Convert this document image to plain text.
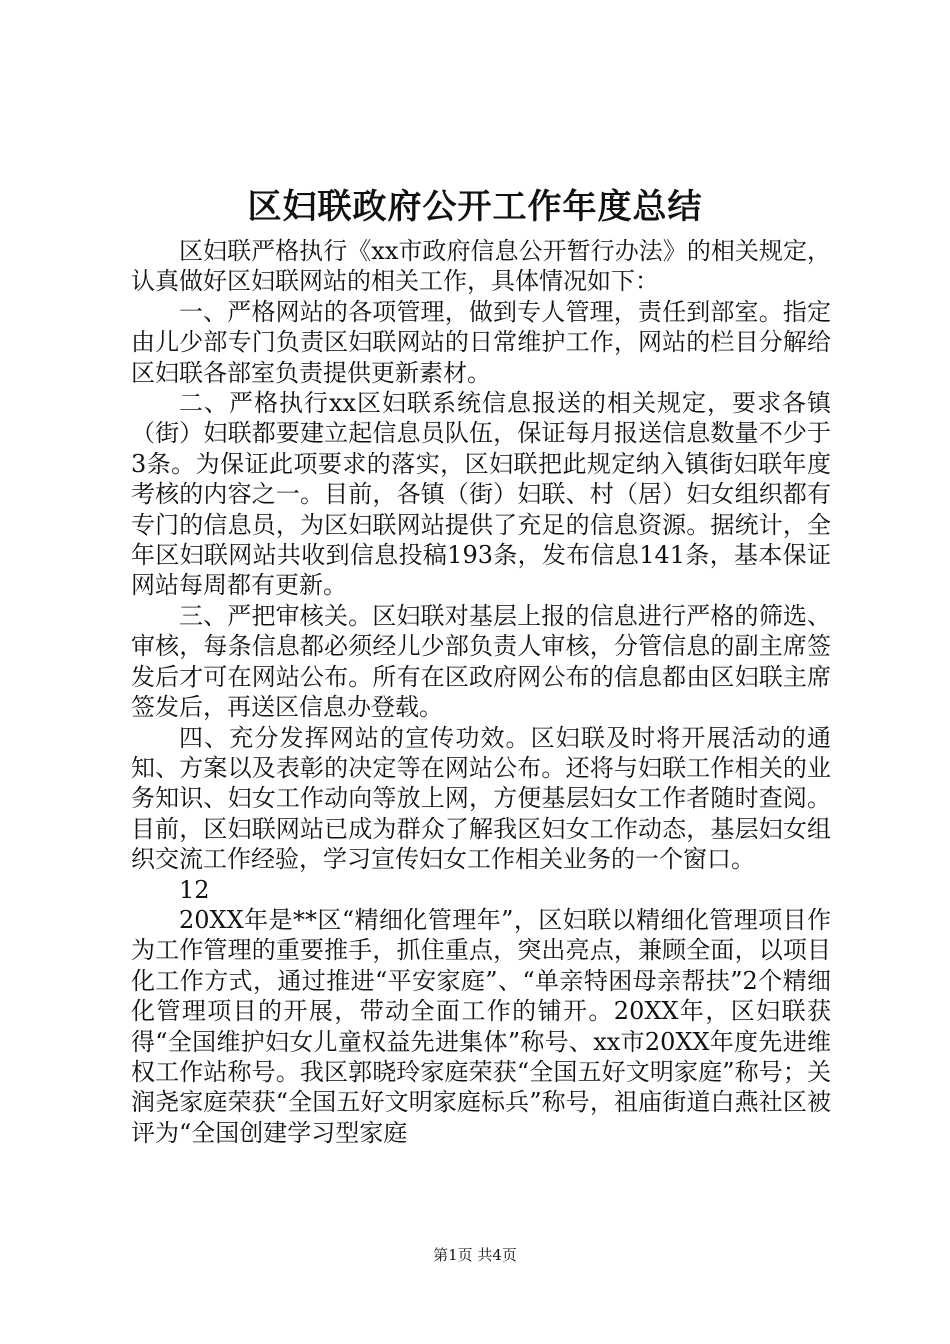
区妇联政府公开工作年度总结

区妇联严格执行《xx市政府信息公开暂行办法》的相关规定，认真做好区妇联网站的相关工作，具体情况如下：

一、严格网站的各项管理，做到专人管理，责任到部室。指定由儿少部专门负责区妇联网站的日常维护工作，网站的栏目分解给区妇联各部室负责提供更新素材。

二、严格执行xx区妇联系统信息报送的相关规定，要求各镇（街）妇联都要建立起信息员队伍，保证每月报送信息数量不少于3条。为保证此项要求的落实，区妇联把此规定纳入镇街妇联年度考核的内容之一。目前，各镇（街）妇联、村（居）妇女组织都有专门的信息员，为区妇联网站提供了充足的信息资源。据统计，全年区妇联网站共收到信息投稿193条，发布信息141条，基本保证网站每周都有更新。

三、严把审核关。区妇联对基层上报的信息进行严格的筛选、审核，每条信息都必须经儿少部负责人审核，分管信息的副主席签发后才可在网站公布。所有在区政府网公布的信息都由区妇联主席签发后，再送区信息办登载。

四、充分发挥网站的宣传功效。区妇联及时将开展活动的通知、方案以及表彰的决定等在网站公布。还将与妇联工作相关的业务知识、妇女工作动向等放上网，方便基层妇女工作者随时查阅。目前，区妇联网站已成为群众了解我区妇女工作动态，基层妇女组织交流工作经验，学习宣传妇女工作相关业务的一个窗口。

12

20XX年是**区“精细化管理年”，区妇联以精细化管理项目作为工作管理的重要推手，抓住重点，突出亮点，兼顾全面，以项目化工作方式，通过推进“平安家庭”、“单亲特困母亲帮扶”2个精细化管理项目的开展，带动全面工作的铺开。20XX年，区妇联获得“全国维护妇女儿童权益先进集体”称号、xx市20XX年度先进维权工作站称号。我区郭晓玲家庭荣获“全国五好文明家庭”称号；关润尧家庭荣获“全国五好文明家庭标兵”称号，祖庙街道白燕社区被评为“全国创建学习型家庭

第1页 共4页
